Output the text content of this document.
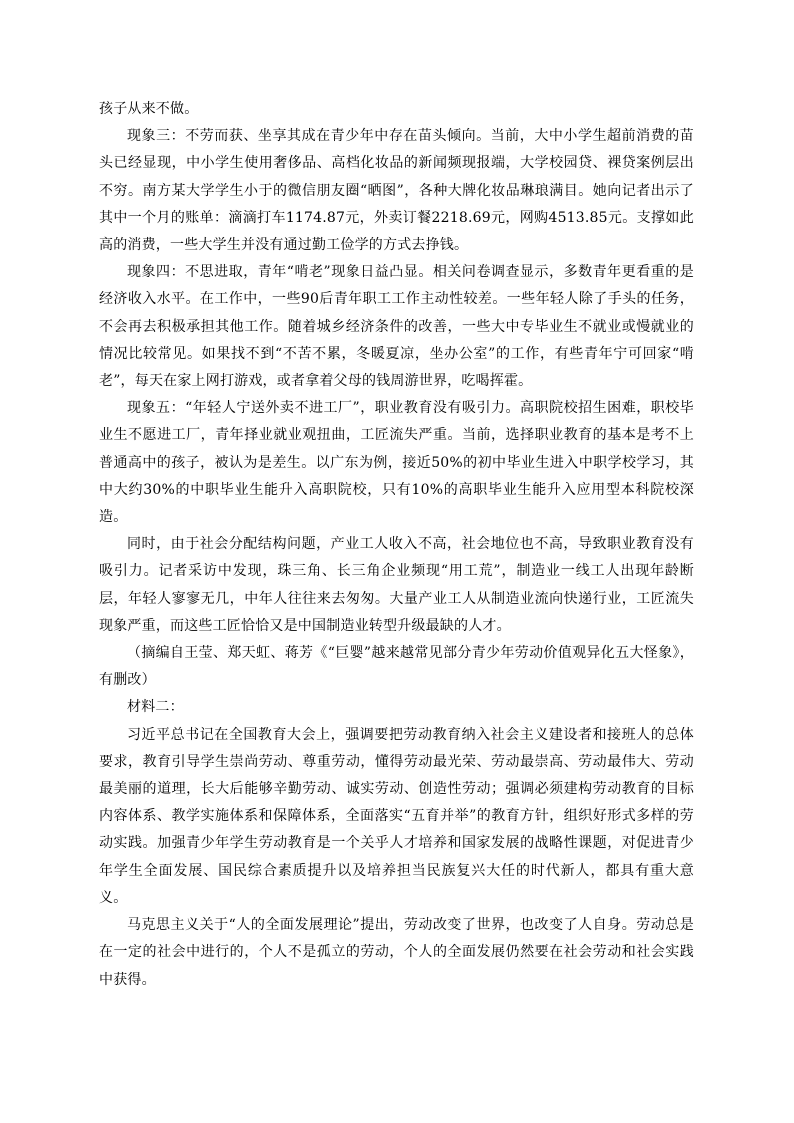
孩子从来不做。

现象三：不劳而获、坐享其成在青少年中存在苗头倾向。当前，大中小学生超前消费的苗头已经显现，中小学生使用奢侈品、高档化妆品的新闻频现报端，大学校园贷、裸贷案例层出不穷。南方某大学学生小于的微信朋友圈“晒图”，各种大牌化妆品琳琅满目。她向记者出示了其中一个月的账单：滴滴打车1174.87元，外卖订餐2218.69元，网购4513.85元。支撑如此高的消费，一些大学生并没有通过勤工俭学的方式去挣钱。

现象四：不思进取，青年“啃老”现象日益凸显。相关问卷调查显示，多数青年更看重的是经济收入水平。在工作中，一些90后青年职工工作主动性较差。一些年轻人除了手头的任务，不会再去积极承担其他工作。随着城乡经济条件的改善，一些大中专毕业生不就业或慢就业的情况比较常见。如果找不到“不苦不累，冬暖夏凉，坐办公室”的工作，有些青年宁可回家“啃老”，每天在家上网打游戏，或者拿着父母的钱周游世界，吃喝挥霍。

现象五：“年轻人宁送外卖不进工厂”，职业教育没有吸引力。高职院校招生困难，职校毕业生不愿进工厂，青年择业就业观扭曲，工匠流失严重。当前，选择职业教育的基本是考不上普通高中的孩子，被认为是差生。以广东为例，接近50%的初中毕业生进入中职学校学习，其中大约30%的中职毕业生能升入高职院校，只有10%的高职毕业生能升入应用型本科院校深造。

同时，由于社会分配结构问题，产业工人收入不高，社会地位也不高，导致职业教育没有吸引力。记者采访中发现，珠三角、长三角企业频现“用工荒”，制造业一线工人出现年龄断层，年轻人寥寥无几，中年人往往来去匆匆。大量产业工人从制造业流向快递行业，工匠流失现象严重，而这些工匠恰恰又是中国制造业转型升级最缺的人才。

（摘编自王莹、郑天虹、蒋芳《“巨婴”越来越常见部分青少年劳动价值观异化五大怪象》，有删改）

材料二：

习近平总书记在全国教育大会上，强调要把劳动教育纳入社会主义建设者和接班人的总体要求，教育引导学生崇尚劳动、尊重劳动，懂得劳动最光荣、劳动最崇高、劳动最伟大、劳动最美丽的道理，长大后能够辛勤劳动、诚实劳动、创造性劳动；强调必须建构劳动教育的目标内容体系、教学实施体系和保障体系，全面落实“五育并举”的教育方针，组织好形式多样的劳动实践。加强青少年学生劳动教育是一个关乎人才培养和国家发展的战略性课题，对促进青少年学生全面发展、国民综合素质提升以及培养担当民族复兴大任的时代新人，都具有重大意义。

马克思主义关于“人的全面发展理论”提出，劳动改变了世界，也改变了人自身。劳动总是在一定的社会中进行的，个人不是孤立的劳动，个人的全面发展仍然要在社会劳动和社会实践中获得。
